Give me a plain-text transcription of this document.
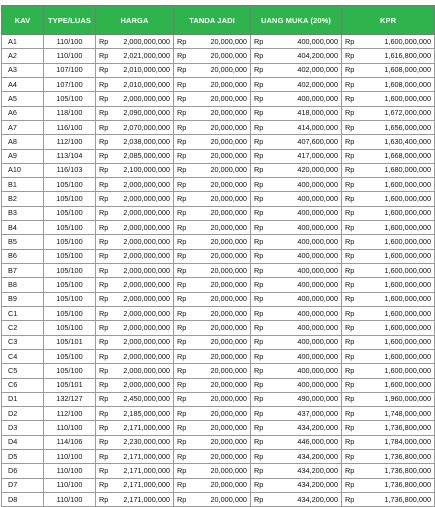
KAV	TYPE/LUAS	HARGA		TANDA JADI		UANG MUKA (20%)		KPR	
A1	110/100	Rp	2,000,000,000	Rp	20,000,000	Rp	400,000,000	Rp	1,600,000,000
A2	110/100	Rp	2,021,000,000	Rp	20,000,000	Rp	404,200,000	Rp	1,616,800,000
A3	107/100	Rp	2,010,000,000	Rp	20,000,000	Rp	402,000,000	Rp	1,608,000,000
A4	107/100	Rp	2,010,000,000	Rp	20,000,000	Rp	402,000,000	Rp	1,608,000,000
A5	105/100	Rp	2,000,000,000	Rp	20,000,000	Rp	400,000,000	Rp	1,600,000,000
A6	118/100	Rp	2,090,000,000	Rp	20,000,000	Rp	418,000,000	Rp	1,672,000,000
A7	116/100	Rp	2,070,000,000	Rp	20,000,000	Rp	414,000,000	Rp	1,656,000,000
A8	112/100	Rp	2,038,000,000	Rp	20,000,000	Rp	407,600,000	Rp	1,630,400,000
A9	113/104	Rp	2,085,000,000	Rp	20,000,000	Rp	417,000,000	Rp	1,668,000,000
A10	116/103	Rp	2,100,000,000	Rp	20,000,000	Rp	420,000,000	Rp	1,680,000,000
B1	105/100	Rp	2,000,000,000	Rp	20,000,000	Rp	400,000,000	Rp	1,600,000,000
B2	105/100	Rp	2,000,000,000	Rp	20,000,000	Rp	400,000,000	Rp	1,600,000,000
B3	105/100	Rp	2,000,000,000	Rp	20,000,000	Rp	400,000,000	Rp	1,600,000,000
B4	105/100	Rp	2,000,000,000	Rp	20,000,000	Rp	400,000,000	Rp	1,600,000,000
B5	105/100	Rp	2,000,000,000	Rp	20,000,000	Rp	400,000,000	Rp	1,600,000,000
B6	105/100	Rp	2,000,000,000	Rp	20,000,000	Rp	400,000,000	Rp	1,600,000,000
B7	105/100	Rp	2,000,000,000	Rp	20,000,000	Rp	400,000,000	Rp	1,600,000,000
B8	105/100	Rp	2,000,000,000	Rp	20,000,000	Rp	400,000,000	Rp	1,600,000,000
B9	105/100	Rp	2,000,000,000	Rp	20,000,000	Rp	400,000,000	Rp	1,600,000,000
C1	105/100	Rp	2,000,000,000	Rp	20,000,000	Rp	400,000,000	Rp	1,600,000,000
C2	105/100	Rp	2,000,000,000	Rp	20,000,000	Rp	400,000,000	Rp	1,600,000,000
C3	105/101	Rp	2,000,000,000	Rp	20,000,000	Rp	400,000,000	Rp	1,600,000,000
C4	105/100	Rp	2,000,000,000	Rp	20,000,000	Rp	400,000,000	Rp	1,600,000,000
C5	105/100	Rp	2,000,000,000	Rp	20,000,000	Rp	400,000,000	Rp	1,600,000,000
C6	105/101	Rp	2,000,000,000	Rp	20,000,000	Rp	400,000,000	Rp	1,600,000,000
D1	132/127	Rp	2,450,000,000	Rp	20,000,000	Rp	490,000,000	Rp	1,960,000,000
D2	112/100	Rp	2,185,000,000	Rp	20,000,000	Rp	437,000,000	Rp	1,748,000,000
D3	110/100	Rp	2,171,000,000	Rp	20,000,000	Rp	434,200,000	Rp	1,736,800,000
D4	114/106	Rp	2,230,000,000	Rp	20,000,000	Rp	446,000,000	Rp	1,784,000,000
D5	110/100	Rp	2,171,000,000	Rp	20,000,000	Rp	434,200,000	Rp	1,736,800,000
D6	110/100	Rp	2,171,000,000	Rp	20,000,000	Rp	434,200,000	Rp	1,736,800,000
D7	110/100	Rp	2,171,000,000	Rp	20,000,000	Rp	434,200,000	Rp	1,736,800,000
D8	110/100	Rp	2,171,000,000	Rp	20,000,000	Rp	434,200,000	Rp	1,736,800,000
